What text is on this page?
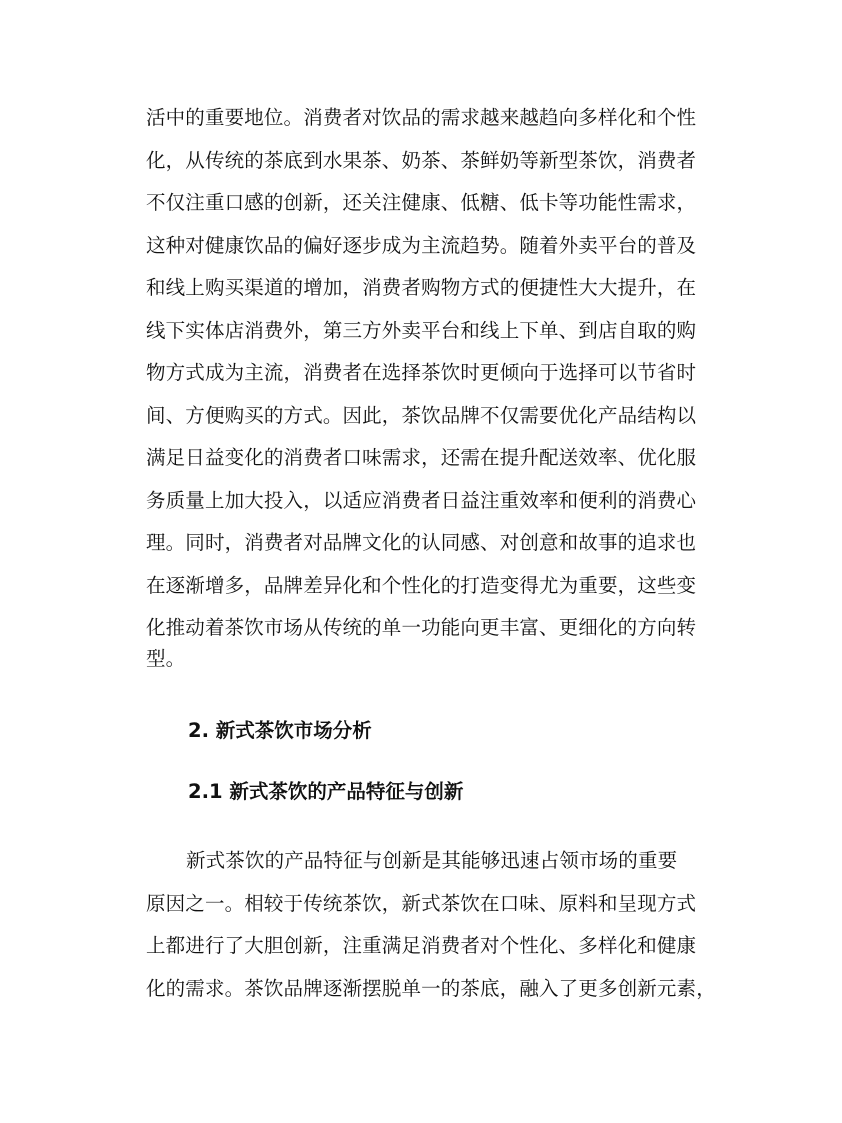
活中的重要地位。消费者对饮品的需求越来越趋向多样化和个性
化，从传统的茶底到水果茶、奶茶、茶鲜奶等新型茶饮，消费者
不仅注重口感的创新，还关注健康、低糖、低卡等功能性需求，
这种对健康饮品的偏好逐步成为主流趋势。随着外卖平台的普及
和线上购买渠道的增加，消费者购物方式的便捷性大大提升，在
线下实体店消费外，第三方外卖平台和线上下单、到店自取的购
物方式成为主流，消费者在选择茶饮时更倾向于选择可以节省时
间、方便购买的方式。因此，茶饮品牌不仅需要优化产品结构以
满足日益变化的消费者口味需求，还需在提升配送效率、优化服
务质量上加大投入，以适应消费者日益注重效率和便利的消费心
理。同时，消费者对品牌文化的认同感、对创意和故事的追求也
在逐渐增多，品牌差异化和个性化的打造变得尤为重要，这些变
化推动着茶饮市场从传统的单一功能向更丰富、更细化的方向转
型。
2. 新式茶饮市场分析
2.1 新式茶饮的产品特征与创新
新式茶饮的产品特征与创新是其能够迅速占领市场的重要
原因之一。相较于传统茶饮，新式茶饮在口味、原料和呈现方式
上都进行了大胆创新，注重满足消费者对个性化、多样化和健康
化的需求。茶饮品牌逐渐摆脱单一的茶底，融入了更多创新元素，
